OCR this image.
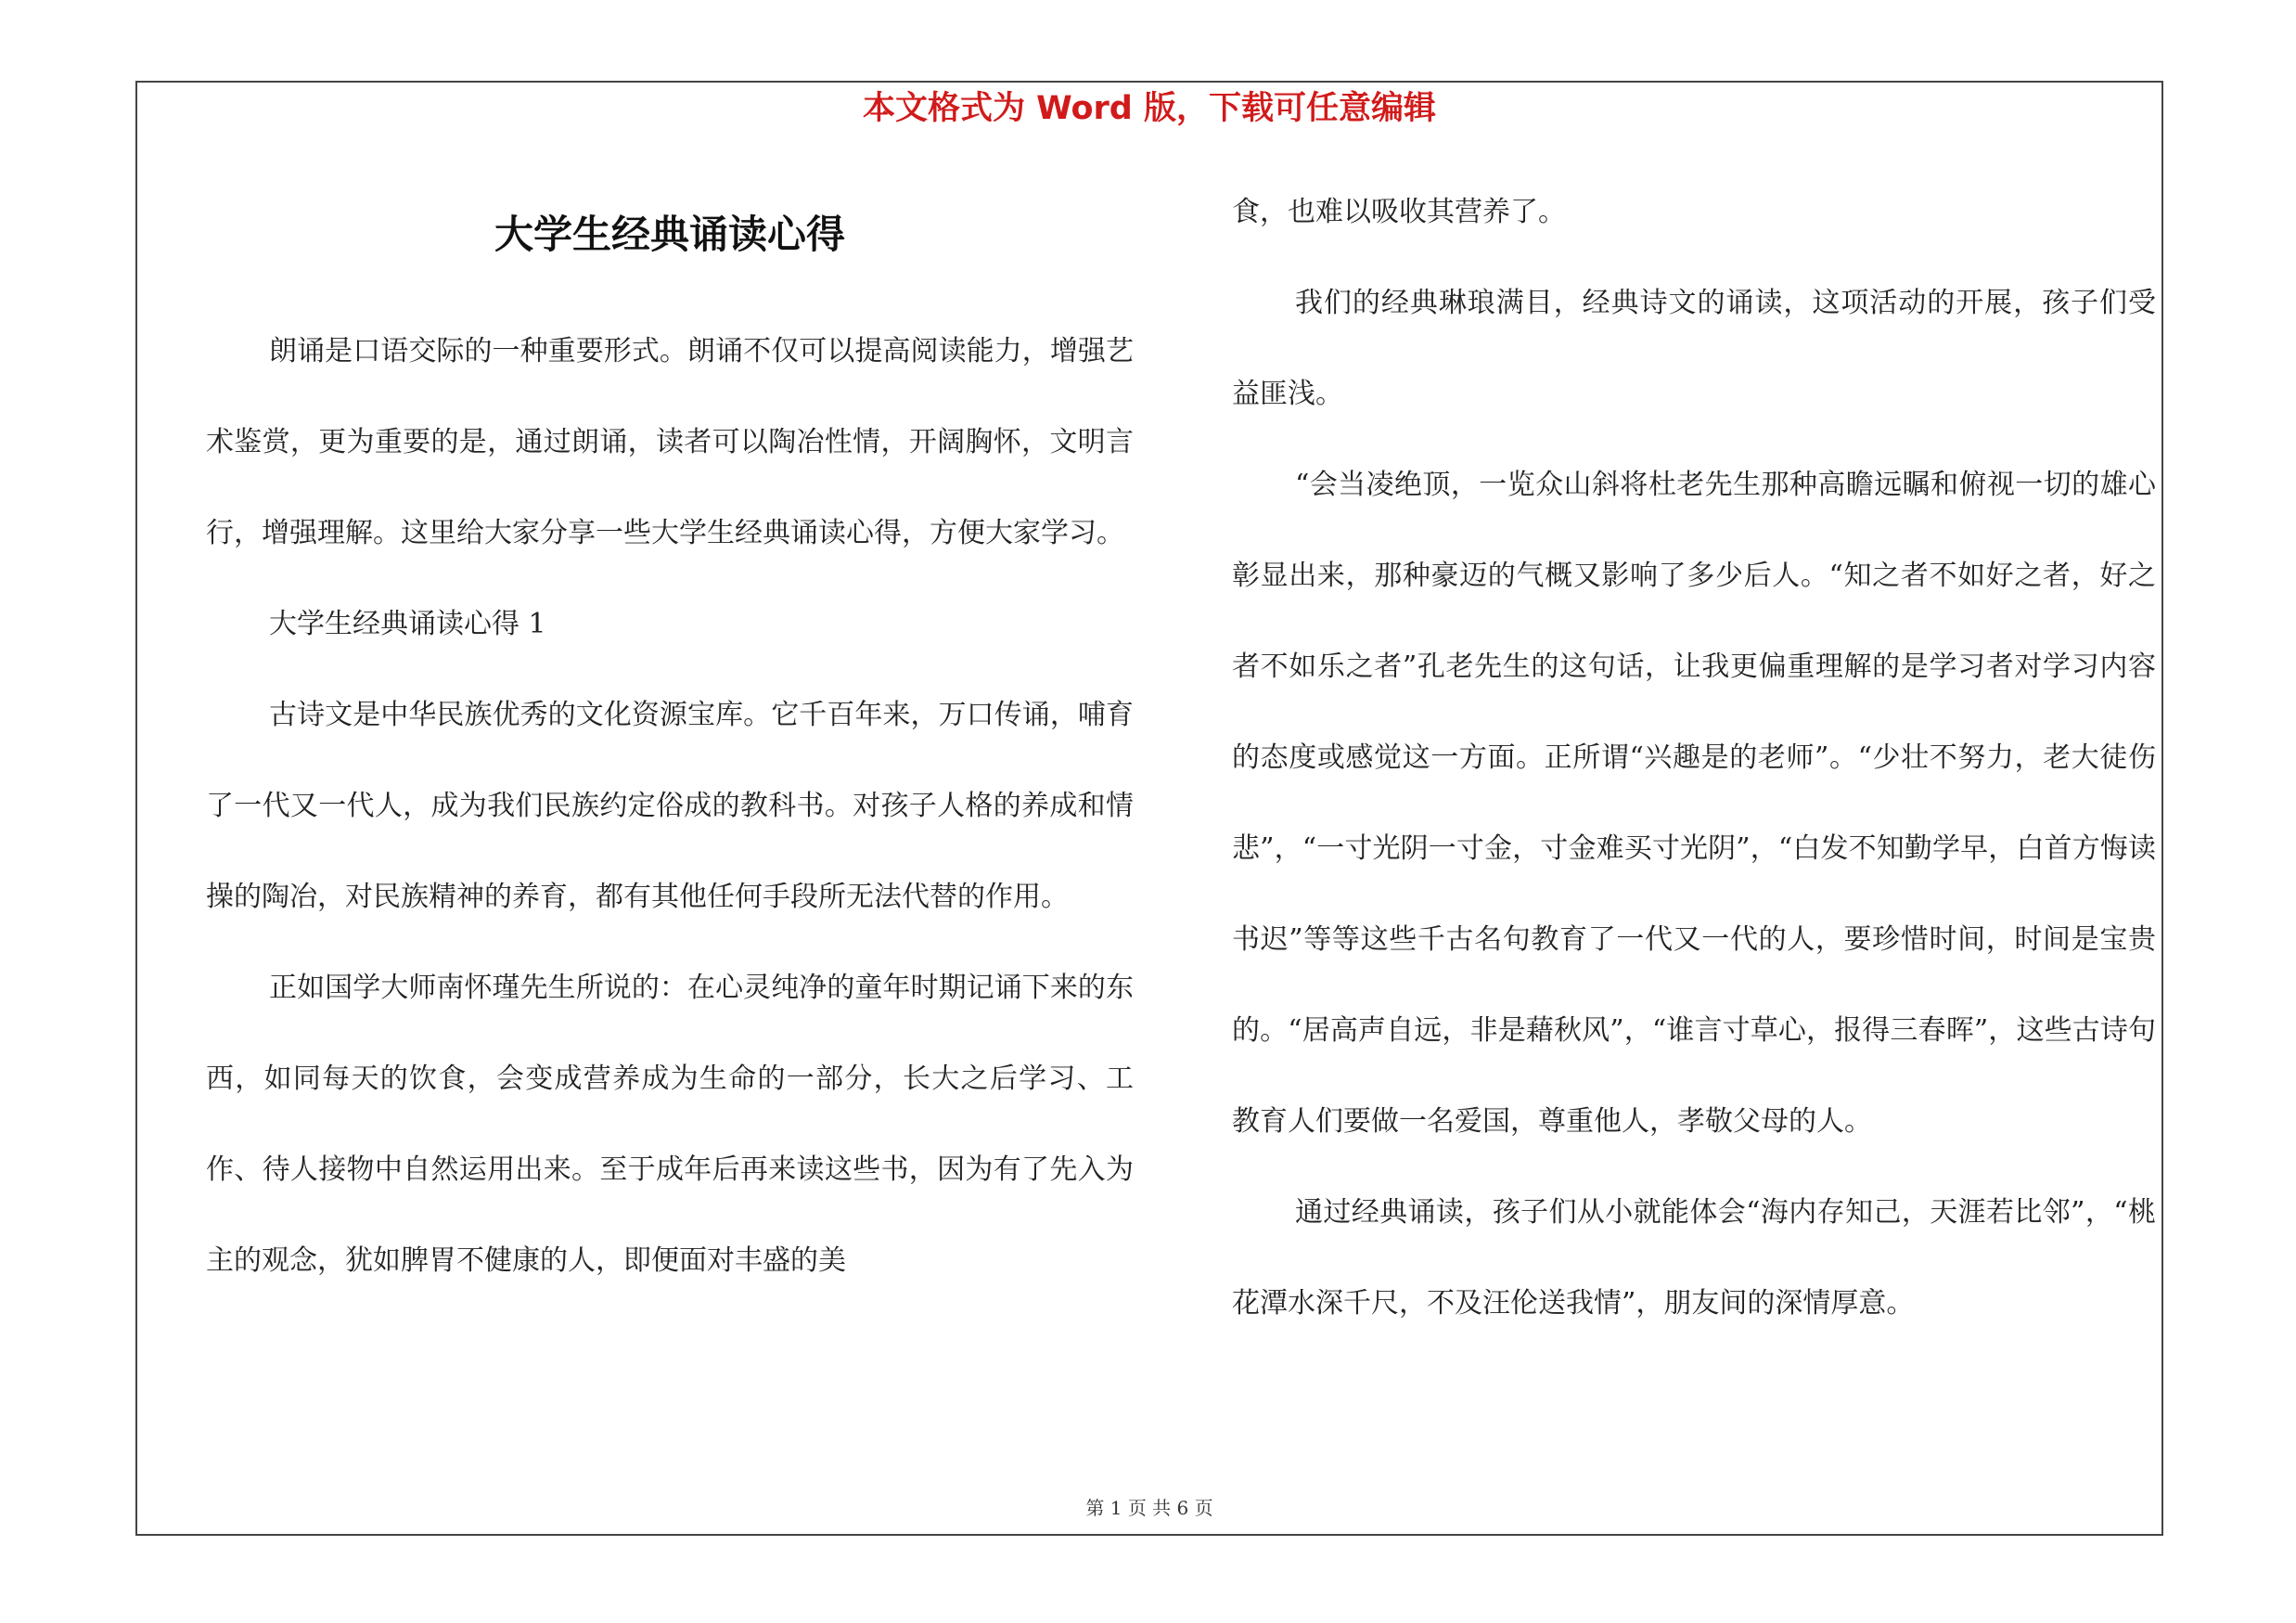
本文格式为 Word 版，下载可任意编辑
大学生经典诵读心得

朗诵是口语交际的一种重要形式。朗诵不仅可以提高阅读能力，增强艺术鉴赏，更为重要的是，通过朗诵，读者可以陶冶性情，开阔胸怀，文明言行，增强理解。这里给大家分享一些大学生经典诵读心得，方便大家学习。

大学生经典诵读心得 1

古诗文是中华民族优秀的文化资源宝库。它千百年来，万口传诵，哺育了一代又一代人，成为我们民族约定俗成的教科书。对孩子人格的养成和情操的陶冶，对民族精神的养育，都有其他任何手段所无法代替的作用。

正如国学大师南怀瑾先生所说的：在心灵纯净的童年时期记诵下来的东西，如同每天的饮食，会变成营养成为生命的一部分，长大之后学习、工作、待人接物中自然运用出来。至于成年后再来读这些书，因为有了先入为主的观念，犹如脾胃不健康的人，即便面对丰盛的美

食，也难以吸收其营养了。

我们的经典琳琅满目，经典诗文的诵读，这项活动的开展，孩子们受益匪浅。

“会当凌绝顶，一览众山斜将杜老先生那种高瞻远瞩和俯视一切的雄心彰显出来，那种豪迈的气概又影响了多少后人。“知之者不如好之者，好之者不如乐之者”孔老先生的这句话，让我更偏重理解的是学习者对学习内容的态度或感觉这一方面。正所谓“兴趣是的老师”。“少壮不努力，老大徒伤悲”，“一寸光阴一寸金，寸金难买寸光阴”，“白发不知勤学早，白首方悔读书迟”等等这些千古名句教育了一代又一代的人，要珍惜时间，时间是宝贵的。“居高声自远，非是藉秋风”，“谁言寸草心，报得三春晖”，这些古诗句教育人们要做一名爱国，尊重他人，孝敬父母的人。

通过经典诵读，孩子们从小就能体会“海内存知己，天涯若比邻”，“桃花潭水深千尺，不及汪伦送我情”，朋友间的深情厚意。

第 1 页 共 6 页
